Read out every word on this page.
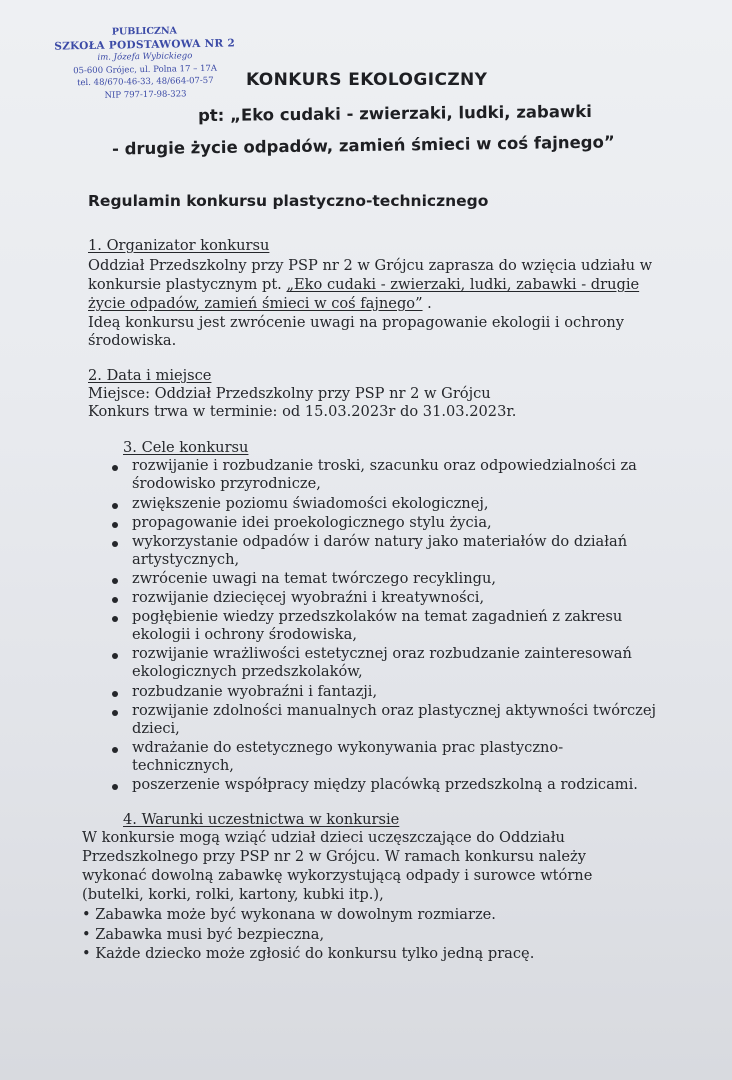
PUBLICZNA
SZKOŁA PODSTAWOWA NR 2
im. Józefa Wybickiego
05-600 Grójec, ul. Polna 17 – 17A
tel. 48/670-46-33, 48/664-07-57
NIP 797-17-98-323
KONKURS EKOLOGICZNY
pt: „Eko cudaki - zwierzaki, ludki, zabawki
- drugie życie odpadów, zamień śmieci w coś fajnego”
Regulamin konkursu plastyczno-technicznego
1. Organizator konkursu
Oddział Przedszkolny przy PSP nr 2 w Grójcu zaprasza do wzięcia udziału w
konkursie plastycznym pt. „Eko cudaki - zwierzaki, ludki, zabawki - drugie
życie odpadów, zamień śmieci w coś fajnego” .
Ideą konkursu jest zwrócenie uwagi na propagowanie ekologii i ochrony
środowiska.
2. Data i miejsce
Miejsce: Oddział Przedszkolny przy PSP nr 2 w Grójcu
Konkurs trwa w terminie: od 15.03.2023r do 31.03.2023r.
3. Cele konkursu
rozwijanie i rozbudzanie troski, szacunku oraz odpowiedzialności za
środowisko przyrodnicze,
zwiększenie poziomu świadomości ekologicznej,
propagowanie idei proekologicznego stylu życia,
wykorzystanie odpadów i darów natury jako materiałów do działań
artystycznych,
zwrócenie uwagi na temat twórczego recyklingu,
rozwijanie dziecięcej wyobraźni i kreatywności,
pogłębienie wiedzy przedszkolaków na temat zagadnień z zakresu
ekologii i ochrony środowiska,
rozwijanie wrażliwości estetycznej oraz rozbudzanie zainteresowań
ekologicznych przedszkolaków,
rozbudzanie wyobraźni i fantazji,
rozwijanie zdolności manualnych oraz plastycznej aktywności twórczej
dzieci,
wdrażanie do estetycznego wykonywania prac plastyczno-
technicznych,
poszerzenie współpracy między placówką przedszkolną a rodzicami.
4. Warunki uczestnictwa w konkursie
W konkursie mogą wziąć udział dzieci uczęszczające do Oddziału
Przedszkolnego przy PSP nr 2 w Grójcu. W ramach konkursu należy
wykonać dowolną zabawkę wykorzystującą odpady i surowce wtórne
(butelki, korki, rolki, kartony, kubki itp.),
• Zabawka może być wykonana w dowolnym rozmiarze.
• Zabawka musi być bezpieczna,
• Każde dziecko może zgłosić do konkursu tylko jedną pracę.
